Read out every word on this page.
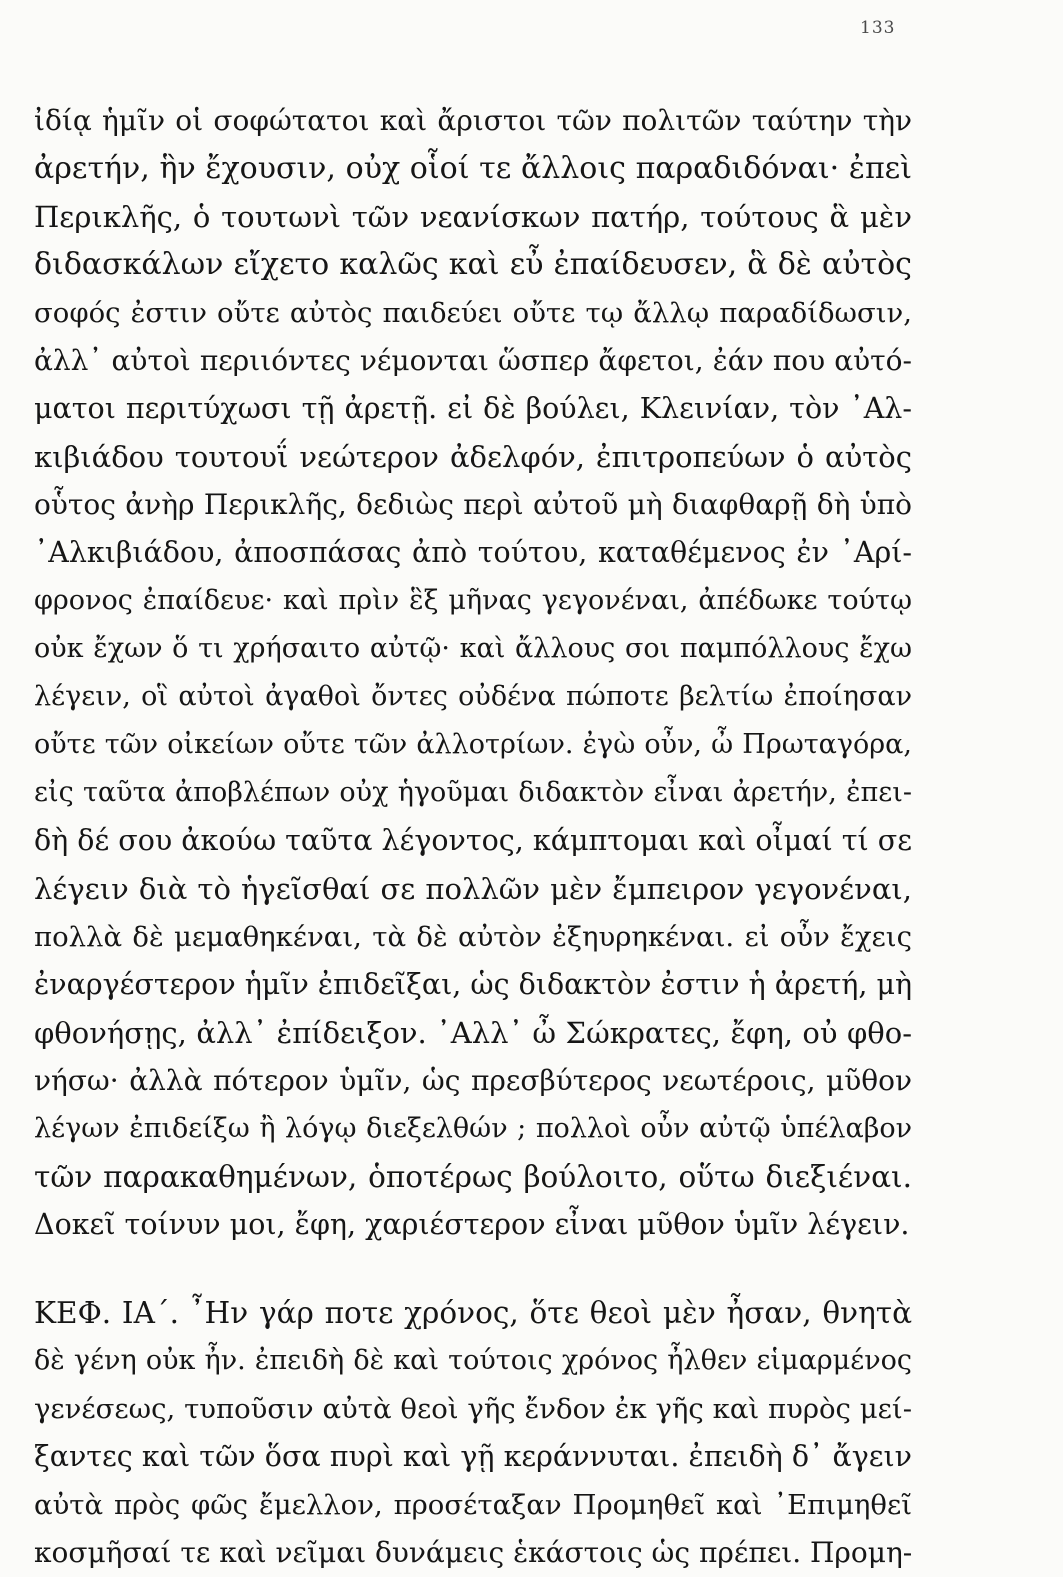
133
ἰδίᾳ ἡμῖν οἱ σοφώτατοι καὶ ἄριστοι τῶν πολιτῶν ταύτην τὴν
ἀρετήν, ἣν ἔχουσιν, οὐχ οἷοί τε ἄλλοις παραδιδόναι· ἐπεὶ
Περικλῆς, ὁ τουτωνὶ τῶν νεανίσκων πατήρ, τούτους ἃ μὲν
διδασκάλων εἴχετο καλῶς καὶ εὖ ἐπαίδευσεν, ἃ δὲ αὐτὸς
σοφός ἐστιν οὔτε αὐτὸς παιδεύει οὔτε τῳ ἄλλῳ παραδίδωσιν,
ἀλλ᾽ αὐτοὶ περιιόντες νέμονται ὥσπερ ἄφετοι, ἐάν που αὐτό-
ματοι περιτύχωσι τῇ ἀρετῇ. εἰ δὲ βούλει, Κλεινίαν, τὸν ᾽Αλ-
κιβιάδου τουτουΐ νεώτερον ἀδελφόν, ἐπιτροπεύων ὁ αὐτὸς
οὗτος ἀνὴρ Περικλῆς, δεδιὼς περὶ αὐτοῦ μὴ διαφθαρῇ δὴ ὑπὸ
᾽Αλκιβιάδου, ἀποσπάσας ἀπὸ τούτου, καταθέμενος ἐν ᾽Αρί-
φρονος ἐπαίδευε· καὶ πρὶν ἓξ μῆνας γεγονέναι, ἀπέδωκε τούτῳ
οὐκ ἔχων ὅ τι χρήσαιτο αὐτῷ· καὶ ἄλλους σοι παμπόλλους ἔχω
λέγειν, οἳ αὐτοὶ ἀγαθοὶ ὄντες οὐδένα πώποτε βελτίω ἐποίησαν
οὔτε τῶν οἰκείων οὔτε τῶν ἀλλοτρίων. ἐγὼ οὖν, ὦ Πρωταγόρα,
εἰς ταῦτα ἀποβλέπων οὐχ ἡγοῦμαι διδακτὸν εἶναι ἀρετήν, ἐπει-
δὴ δέ σου ἀκούω ταῦτα λέγοντος, κάμπτομαι καὶ οἶμαί τί σε
λέγειν διὰ τὸ ἡγεῖσθαί σε πολλῶν μὲν ἔμπειρον γεγονέναι,
πολλὰ δὲ μεμαθηκέναι, τὰ δὲ αὐτὸν ἐξηυρηκέναι. εἰ οὖν ἔχεις
ἐναργέστερον ἡμῖν ἐπιδεῖξαι, ὡς διδακτὸν ἐστιν ἡ ἀρετή, μὴ
φθονήσῃς, ἀλλ᾽ ἐπίδειξον. ᾽Αλλ᾽ ὦ Σώκρατες, ἔφη, οὐ φθο-
νήσω· ἀλλὰ πότερον ὑμῖν, ὡς πρεσβύτερος νεωτέροις, μῦθον
λέγων ἐπιδείξω ἢ λόγῳ διεξελθών ; πολλοὶ οὖν αὐτῷ ὑπέλαβον
τῶν παρακαθημένων, ὁποτέρως βούλοιτο, οὕτω διεξιέναι.
Δοκεῖ τοίνυν μοι, ἔφη, χαριέστερον εἶναι μῦθον ὑμῖν λέγειν.
ΚΕΦ. ΙΑ΄. ῏Ην γάρ ποτε χρόνος, ὅτε θεοὶ μὲν ἦσαν, θνητὰ
δὲ γένη οὐκ ἦν. ἐπειδὴ δὲ καὶ τούτοις χρόνος ἦλθεν εἱμαρμένος
γενέσεως, τυποῦσιν αὐτὰ θεοὶ γῆς ἔνδον ἐκ γῆς καὶ πυρὸς μεί-
ξαντες καὶ τῶν ὅσα πυρὶ καὶ γῇ κεράννυται. ἐπειδὴ δ᾽ ἄγειν
αὐτὰ πρὸς φῶς ἔμελλον, προσέταξαν Προμηθεῖ καὶ ᾽Επιμηθεῖ
κοσμῆσαί τε καὶ νεῖμαι δυνάμεις ἑκάστοις ὡς πρέπει. Προμη-
